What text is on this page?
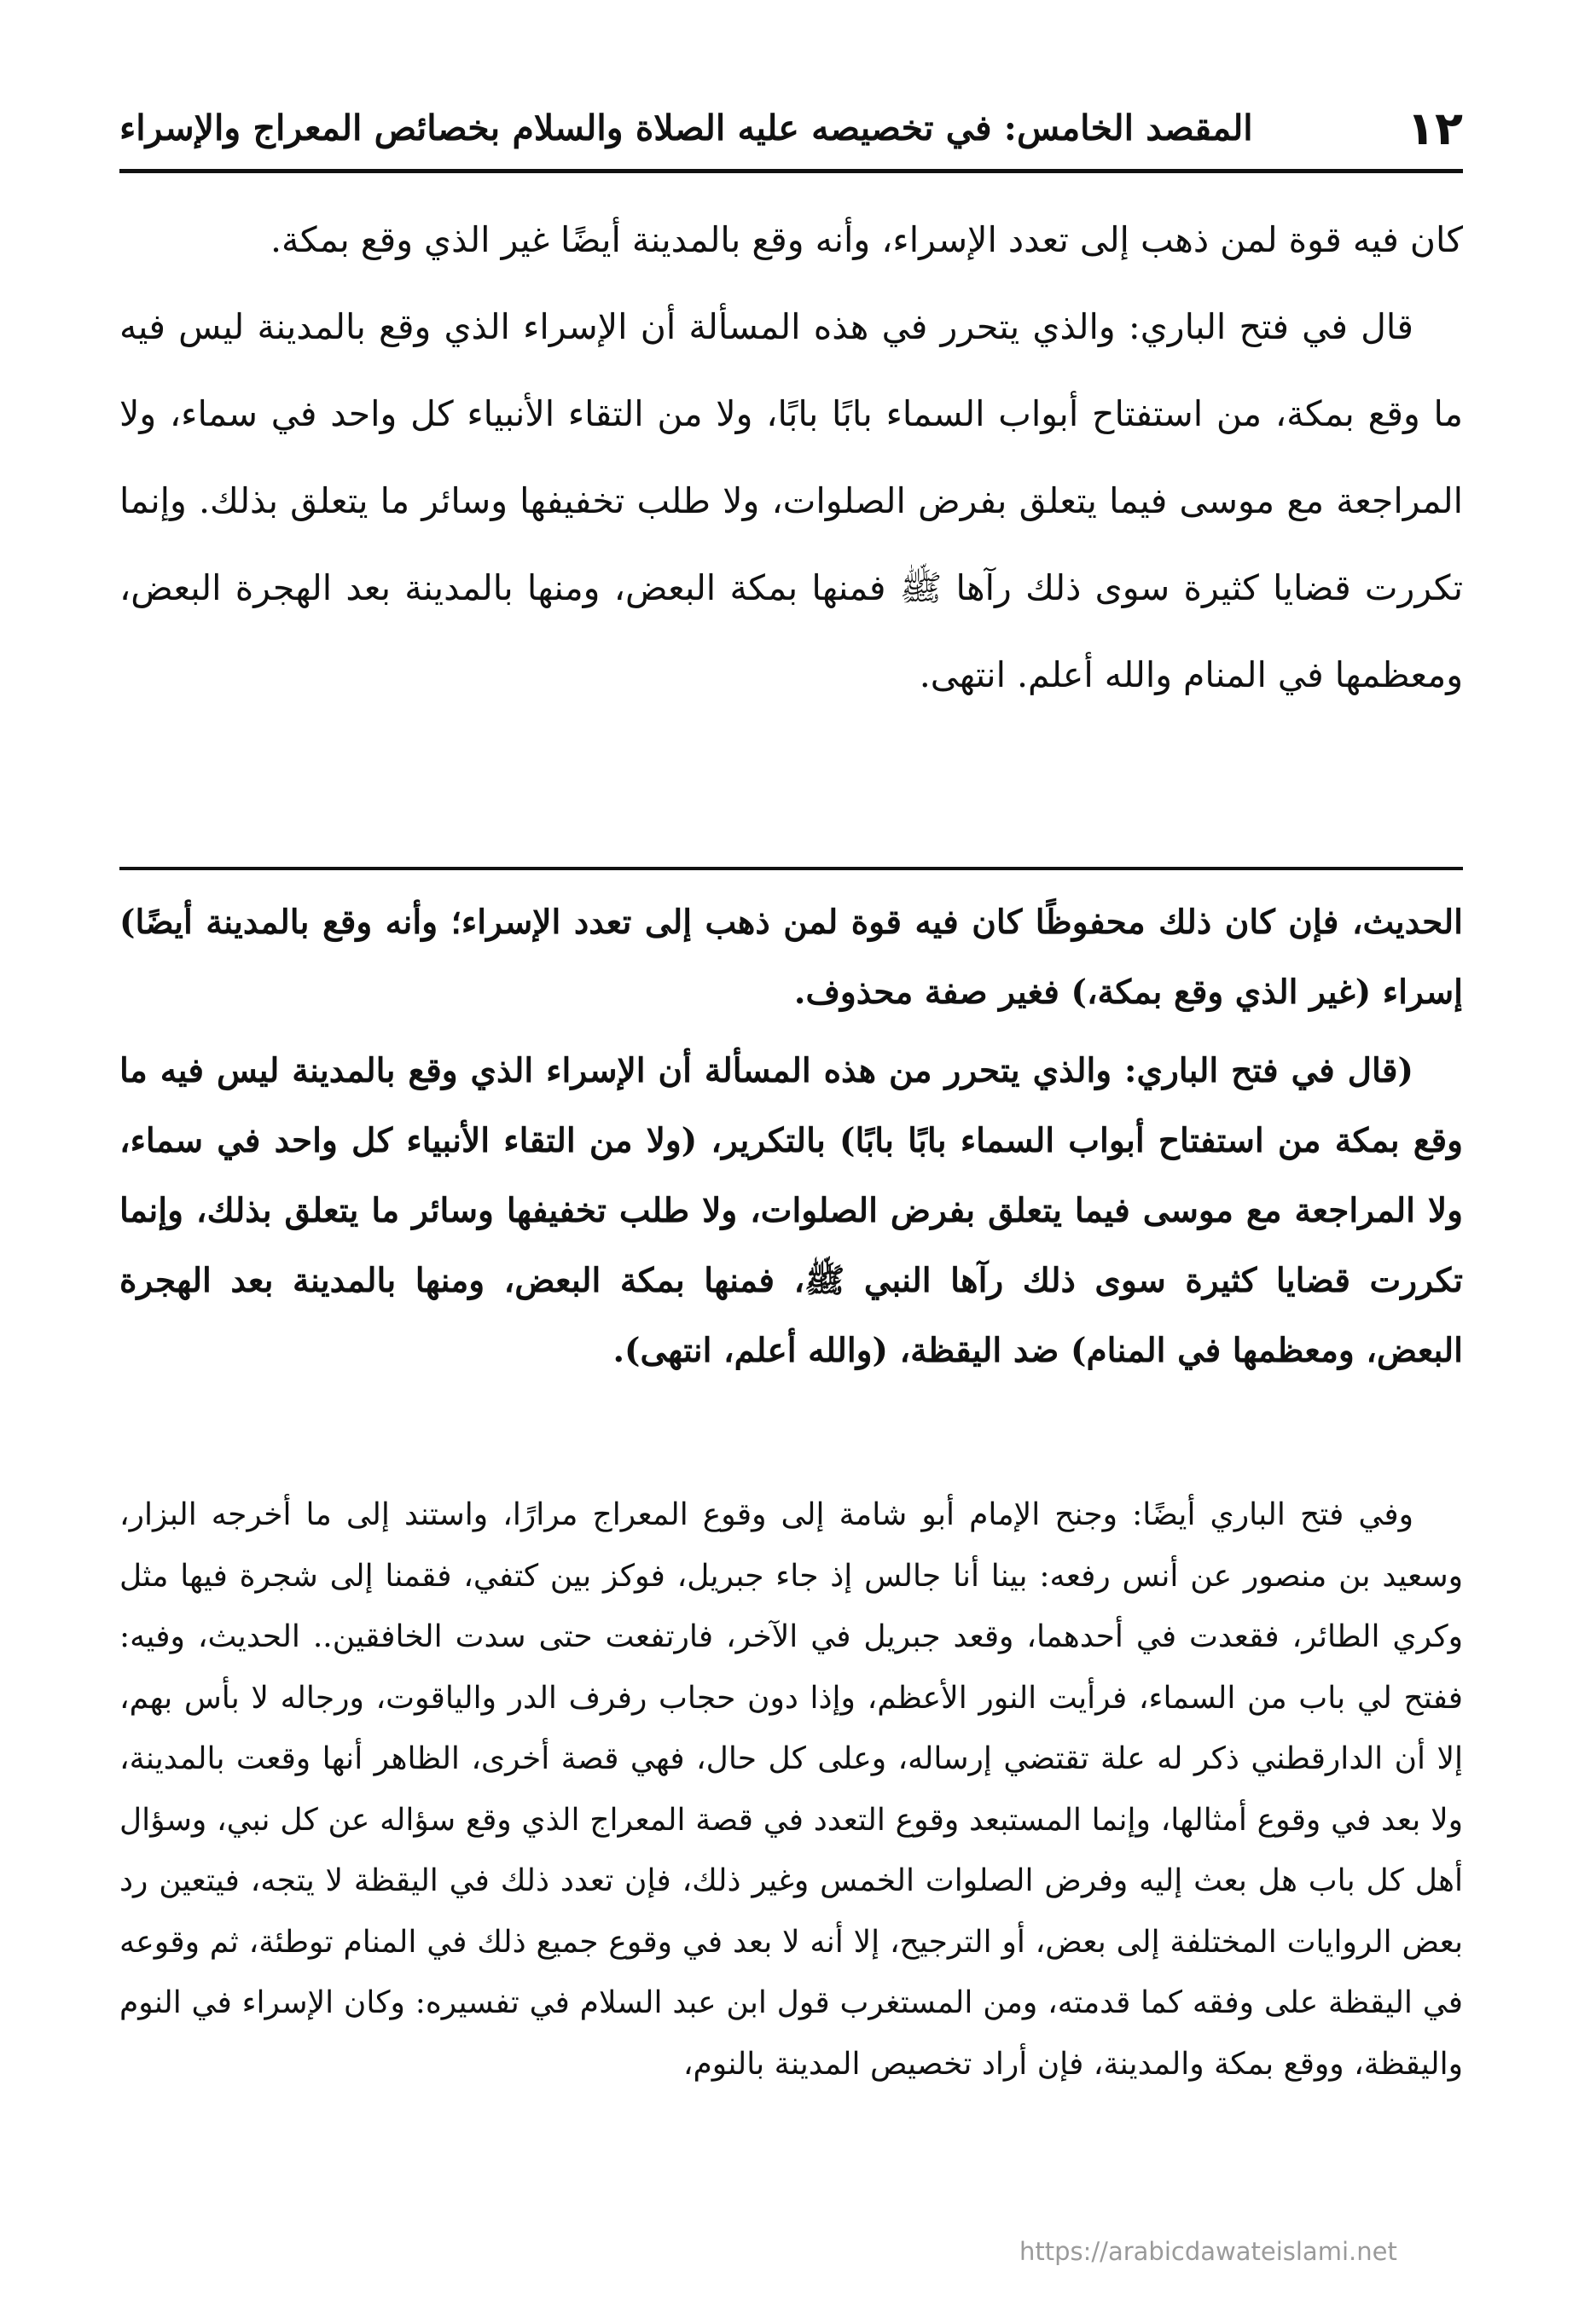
١٢
المقصد الخامس: في تخصيصه عليه الصلاة والسلام بخصائص المعراج والإسراء

كان فيه قوة لمن ذهب إلى تعدد الإسراء، وأنه وقع بالمدينة أيضًا غير الذي وقع بمكة.

قال في فتح الباري: والذي يتحرر في هذه المسألة أن الإسراء الذي وقع بالمدينة ليس فيه ما وقع بمكة، من استفتاح أبواب السماء بابًا بابًا، ولا من التقاء الأنبياء كل واحد في سماء، ولا المراجعة مع موسى فيما يتعلق بفرض الصلوات، ولا طلب تخفيفها وسائر ما يتعلق بذلك. وإنما تكررت قضايا كثيرة سوى ذلك رآها ﷺ فمنها بمكة البعض، ومنها بالمدينة بعد الهجرة البعض، ومعظمها في المنام والله أعلم. انتهى.

الحديث، فإن كان ذلك محفوظًا كان فيه قوة لمن ذهب إلى تعدد الإسراء؛ وأنه وقع بالمدينة أيضًا) إسراء (غير الذي وقع بمكة،) فغير صفة محذوف.

(قال في فتح الباري: والذي يتحرر من هذه المسألة أن الإسراء الذي وقع بالمدينة ليس فيه ما وقع بمكة من استفتاح أبواب السماء بابًا بابًا) بالتكرير، (ولا من التقاء الأنبياء كل واحد في سماء، ولا المراجعة مع موسى فيما يتعلق بفرض الصلوات، ولا طلب تخفيفها وسائر ما يتعلق بذلك، وإنما تكررت قضايا كثيرة سوى ذلك رآها النبي ﷺ، فمنها بمكة البعض، ومنها بالمدينة بعد الهجرة البعض، ومعظمها في المنام) ضد اليقظة، (والله أعلم، انتهى).

وفي فتح الباري أيضًا: وجنح الإمام أبو شامة إلى وقوع المعراج مرارًا، واستند إلى ما أخرجه البزار، وسعيد بن منصور عن أنس رفعه: بينا أنا جالس إذ جاء جبريل، فوكز بين كتفي، فقمنا إلى شجرة فيها مثل وكري الطائر، فقعدت في أحدهما، وقعد جبريل في الآخر، فارتفعت حتى سدت الخافقين.. الحديث، وفيه: ففتح لي باب من السماء، فرأيت النور الأعظم، وإذا دون حجاب رفرف الدر والياقوت، ورجاله لا بأس بهم، إلا أن الدارقطني ذكر له علة تقتضي إرساله، وعلى كل حال، فهي قصة أخرى، الظاهر أنها وقعت بالمدينة، ولا بعد في وقوع أمثالها، وإنما المستبعد وقوع التعدد في قصة المعراج الذي وقع سؤاله عن كل نبي، وسؤال أهل كل باب هل بعث إليه وفرض الصلوات الخمس وغير ذلك، فإن تعدد ذلك في اليقظة لا يتجه، فيتعين رد بعض الروايات المختلفة إلى بعض، أو الترجيح، إلا أنه لا بعد في وقوع جميع ذلك في المنام توطئة، ثم وقوعه في اليقظة على وفقه كما قدمته، ومن المستغرب قول ابن عبد السلام في تفسيره: وكان الإسراء في النوم واليقظة، ووقع بمكة والمدينة، فإن أراد تخصيص المدينة بالنوم،

https://arabicdawateislami.net
